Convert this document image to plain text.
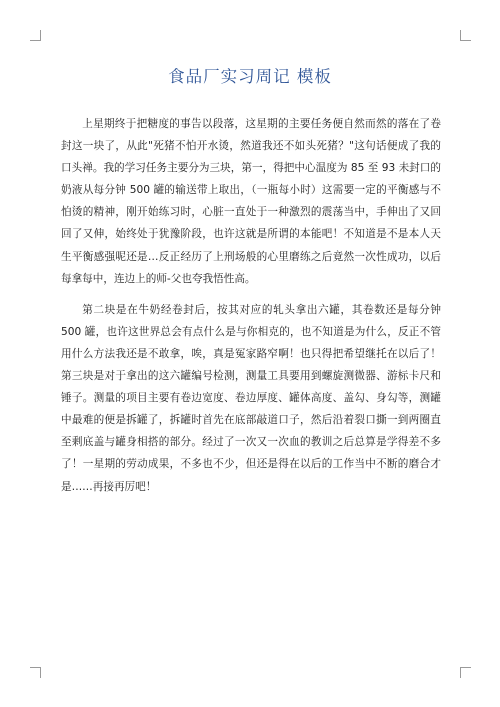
食品厂实习周记 模板

上星期终于把糖度的事告以段落，这星期的主要任务便自然而然的落在了卷封这一块了，从此"死猪不怕开水烫，然道我还不如头死猪？"这句话便成了我的口头禅。我的学习任务主要分为三块，第一，得把中心温度为 85 至 93 未封口的奶液从每分钟 500 罐的输送带上取出，（一瓶每小时）这需要一定的平衡感与不怕烫的精神，刚开始练习时，心脏一直处于一种激烈的震荡当中，手伸出了又回回了又伸，始终处于犹豫阶段，也许这就是所谓的本能吧！不知道是不是本人天生平衡感强呢还是…反正经历了上刑场般的心里磨练之后竟然一次性成功，以后每拿每中，连边上的师-父也夸我悟性高。

第二块是在牛奶经卷封后，按其对应的轧头拿出六罐，其卷数还是每分钟 500 罐，也许这世界总会有点什么是与你相克的，也不知道是为什么，反正不管用什么方法我还是不敢拿，唉，真是冤家路窄啊！也只得把希望继托在以后了！第三块是对于拿出的这六罐编号检测，测量工具要用到螺旋测微器、游标卡尺和锤子。测量的项目主要有卷边宽度、卷边厚度、罐体高度、盖勾、身勾等，测罐中最难的便是拆罐了，拆罐时首先在底部敲道口子，然后沿着裂口撕一到两圈直至剩底盖与罐身相搭的部分。经过了一次又一次血的教训之后总算是学得差不多了！一星期的劳动成果，不多也不少，但还是得在以后的工作当中不断的磨合才是……再接再厉吧！
